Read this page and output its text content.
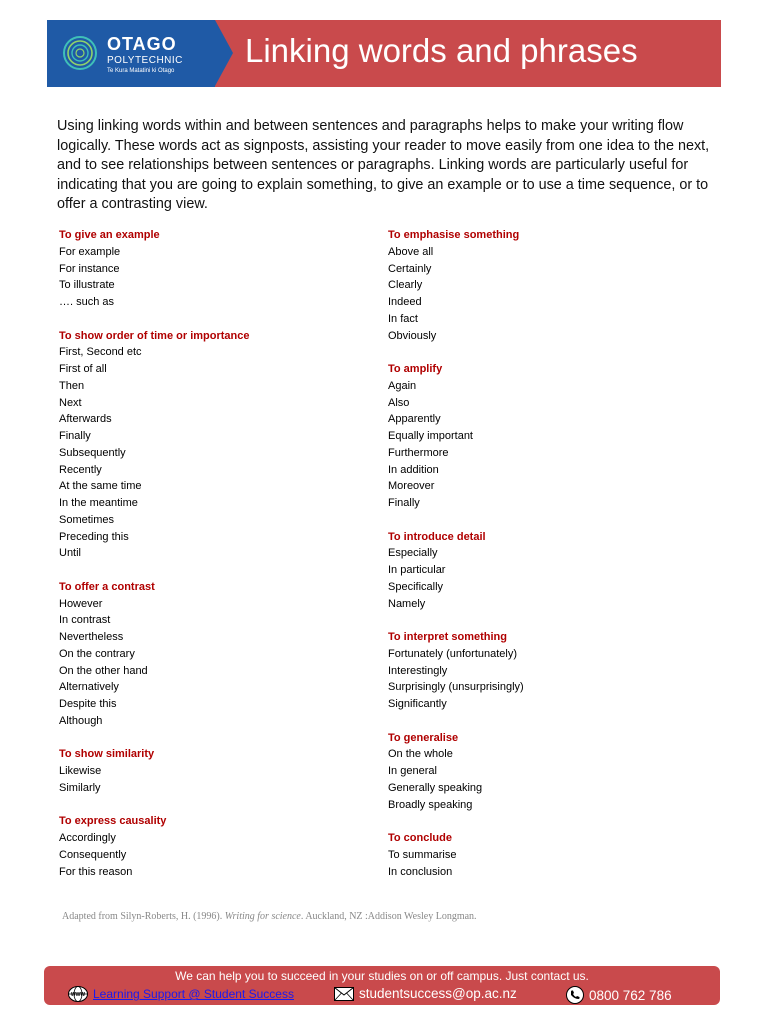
OTAGO
POLYTECHNIC
Te Kura Matatini ki Otago
Linking words and phrases

Using linking words within and between sentences and paragraphs helps to make your writing flow logically. These words act as signposts, assisting your reader to move easily from one idea to the next, and to see relationships between sentences or paragraphs. Linking words are particularly useful for indicating that you are going to explain something, to give an example or to use a time sequence, or to offer a contrasting view.

To give an example
For example
For instance
To illustrate
…. such as
To show order of time or importance
First, Second etc
First of all
Then
Next
Afterwards
Finally
Subsequently
Recently
At the same time
In the meantime
Sometimes
Preceding this
Until
To offer a contrast
However
In contrast
Nevertheless
On the contrary
On the other hand
Alternatively
Despite this
Although
To show similarity
Likewise
Similarly
To express causality
Accordingly
Consequently
For this reason
To emphasise something
Above all
Certainly
Clearly
Indeed
In fact
Obviously
To amplify
Again
Also
Apparently
Equally important
Furthermore
In addition
Moreover
Finally
To introduce detail
Especially
In particular
Specifically
Namely
To interpret something
Fortunately (unfortunately)
Interestingly
Surprisingly (unsurprisingly)
Significantly
To generalise
On the whole
In general
Generally speaking
Broadly speaking
To conclude
To summarise
In conclusion
Adapted from Silyn-Roberts, H. (1996). Writing for science. Auckland, NZ :Addison Wesley Longman.
We can help you to succeed in your studies on or off campus. Just contact us.
WWW Learning Support @ Student Success	studentsuccess@op.ac.nz	0800 762 786
